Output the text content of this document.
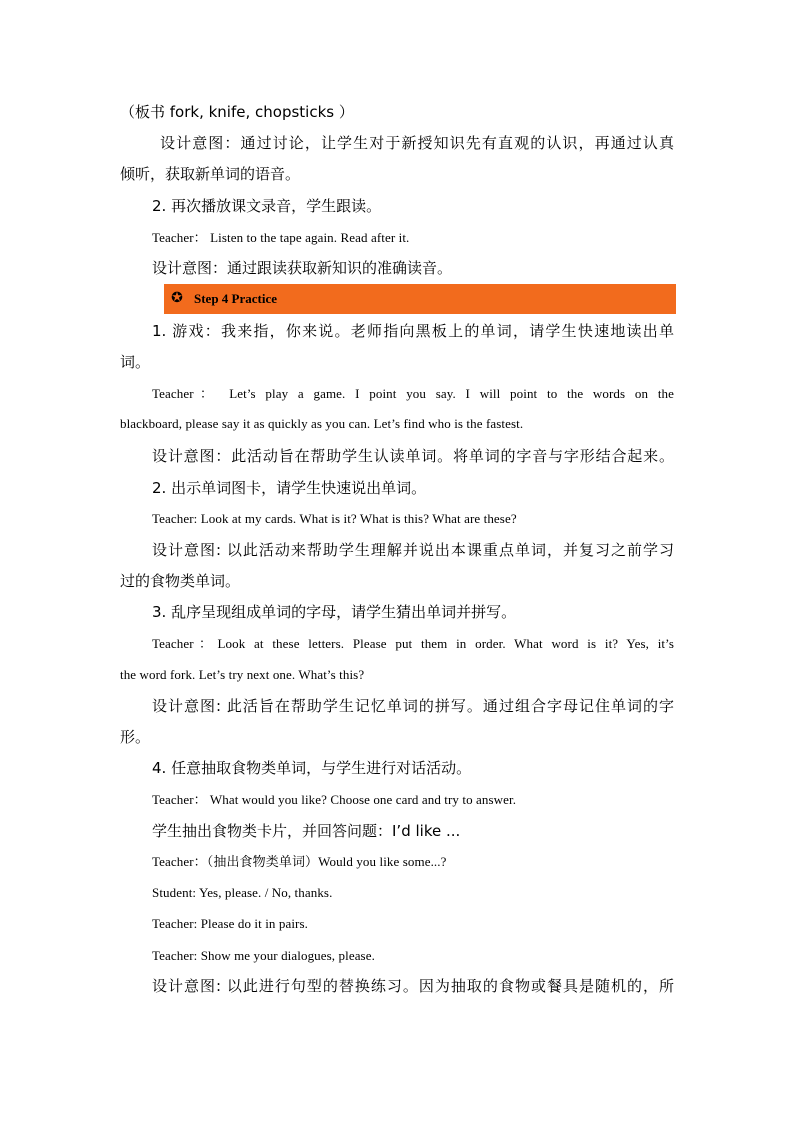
（板书 fork, knife, chopsticks ）
设计意图：通过讨论，让学生对于新授知识先有直观的认识，再通过认真
倾听，获取新单词的语音。
2. 再次播放课文录音，学生跟读。
Teacher： Listen to the tape again. Read after it.
设计意图：通过跟读获取新知识的准确读音。
✪ Step 4 Practice
1. 游戏：我来指，你来说。老师指向黑板上的单词，请学生快速地读出单
词。
Teacher： Let’s play a game. I point you say. I will point to the words on the
blackboard, please say it as quickly as you can. Let’s find who is the fastest.
设计意图：此活动旨在帮助学生认读单词。将单词的字音与字形结合起来。
2. 出示单词图卡，请学生快速说出单词。
Teacher: Look at my cards. What is it? What is this? What are these?
设计意图: 以此活动来帮助学生理解并说出本课重点单词，并复习之前学习
过的食物类单词。
3. 乱序呈现组成单词的字母，请学生猜出单词并拼写。
Teacher：Look at these letters. Please put them in order. What word is it? Yes, it’s
the word fork. Let’s try next one. What’s this?
设计意图: 此活旨在帮助学生记忆单词的拼写。通过组合字母记住单词的字
形。
4. 任意抽取食物类单词，与学生进行对话活动。
Teacher： What would you like? Choose one card and try to answer.
学生抽出食物类卡片，并回答问题：I’d like ...
Teacher：（抽出食物类单词）Would you like some...?
Student: Yes, please. / No, thanks.
Teacher: Please do it in pairs.
Teacher: Show me your dialogues, please.
设计意图: 以此进行句型的替换练习。因为抽取的食物或餐具是随机的，所
